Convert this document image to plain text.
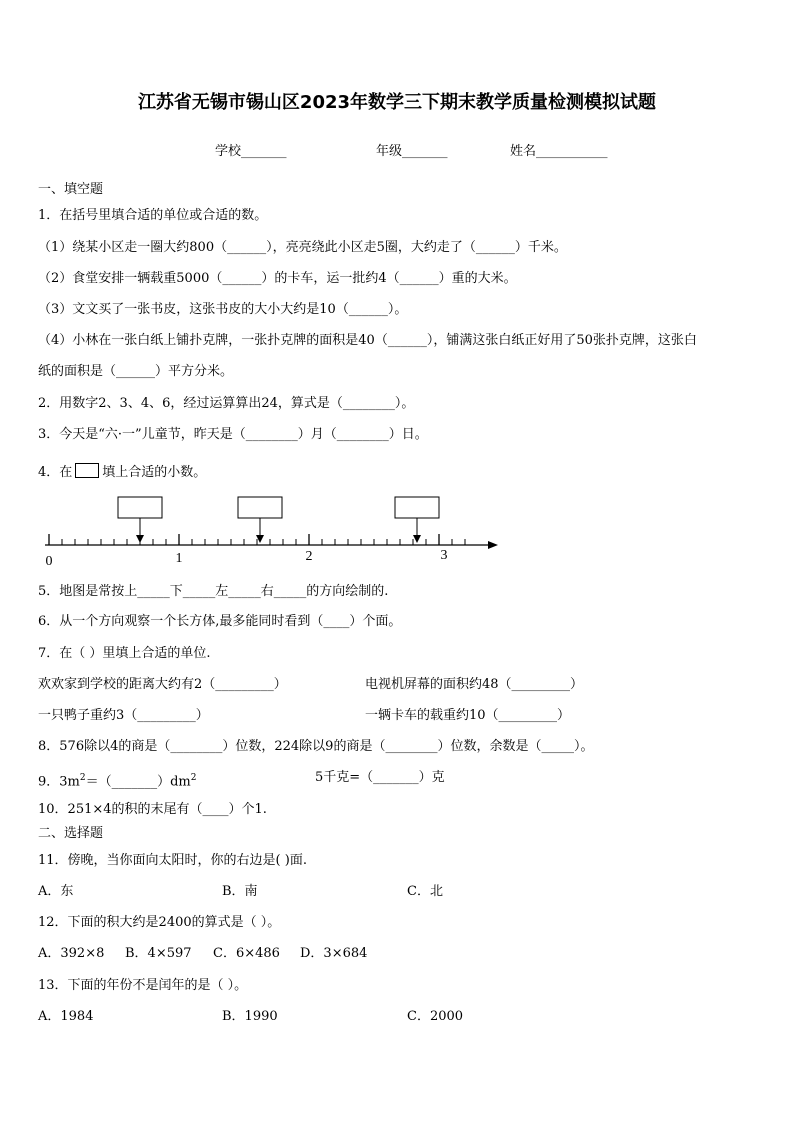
江苏省无锡市锡山区2023年数学三下期末教学质量检测模拟试题
学校_______	年级_______	姓名___________
一、填空题
1．在括号里填合适的单位或合适的数。
（1）绕某小区走一圈大约800（______），亮亮绕此小区走5圈，大约走了（______）千米。
（2）食堂安排一辆载重5000（______）的卡车，运一批约4（______）重的大米。
（3）文文买了一张书皮，这张书皮的大小大约是10（______）。
（4）小林在一张白纸上铺扑克牌，一张扑克牌的面积是40（______），铺满这张白纸正好用了50张扑克牌，这张白
纸的面积是（______）平方分米。
2．用数字2、3、4、6，经过运算算出24，算式是（________）。
3．今天是“六·一”儿童节，昨天是（________）月（________）日。
4．在 填上合适的小数。
0	1	2	3
5．地图是常按上_____下_____左_____右_____的方向绘制的.
6．从一个方向观察一个长方体,最多能同时看到（____）个面。
7．在（ ）里填上合适的单位.
欢欢家到学校的距离大约有2（_________）	电视机屏幕的面积约48（_________）
一只鸭子重约3（_________）	一辆卡车的载重约10（_________）
8．576除以4的商是（________）位数，224除以9的商是（________）位数，余数是（_____）。
9．$3m^2=(\_\_\_\_\_\_\_)dm^2$	5千克=（_______）克
10．251×4的积的末尾有（____）个1.
二、选择题
11．傍晚，当你面向太阳时，你的右边是( )面.
A．东	B．南	C．北
12．下面的积大约是2400的算式是（ ）。
A．392×8 B．4×597 C．6×486 D．3×684
13．下面的年份不是闰年的是（ ）。
A．1984	B．1990	C．2000
